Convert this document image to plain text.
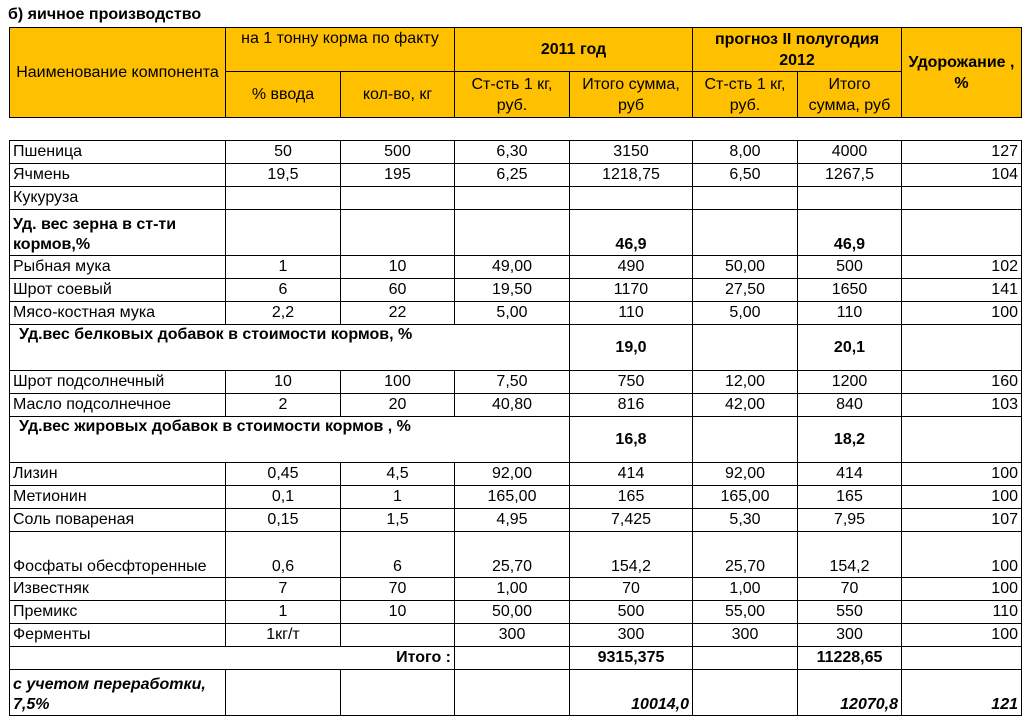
б) яичное производство
Наименование компонента	на 1 тонну корма по факту		2011 год		прогноз II полугодия 2012		Удорожание , %
	% ввода	кол-во, кг	Ст-сть 1 кг, руб.	Итого сумма, руб	Ст-сть 1 кг, руб.	Итого сумма, руб	

Пшеница	50	500	6,30	3150	8,00	4000	127
Ячмень	19,5	195	6,25	1218,75	6,50	1267,5	104
Кукуруза							
Уд. вес зерна в ст-ти кормов,%				46,9		46,9	
Рыбная мука	1	10	49,00	490	50,00	500	102
Шрот соевый	6	60	19,50	1170	27,50	1650	141
Мясо-костная мука	2,2	22	5,00	110	5,00	110	100
Уд.вес белковых добавок в стоимости кормов, %				19,0		20,1	
Шрот подсолнечный	10	100	7,50	750	12,00	1200	160
Масло подсолнечное	2	20	40,80	816	42,00	840	103
Уд.вес жировых добавок в стоимости кормов , %				16,8		18,2	
Лизин	0,45	4,5	92,00	414	92,00	414	100
Метионин	0,1	1	165,00	165	165,00	165	100
Соль повареная	0,15	1,5	4,95	7,425	5,30	7,95	107
Фосфаты обесфторенные	0,6	6	25,70	154,2	25,70	154,2	100
Известняк	7	70	1,00	70	1,00	70	100
Премикс	1	10	50,00	500	55,00	550	110
Ферменты	1кг/т		300	300	300	300	100
Итого :				9315,375		11228,65	
с учетом переработки, 7,5%				10014,0		12070,8	121
